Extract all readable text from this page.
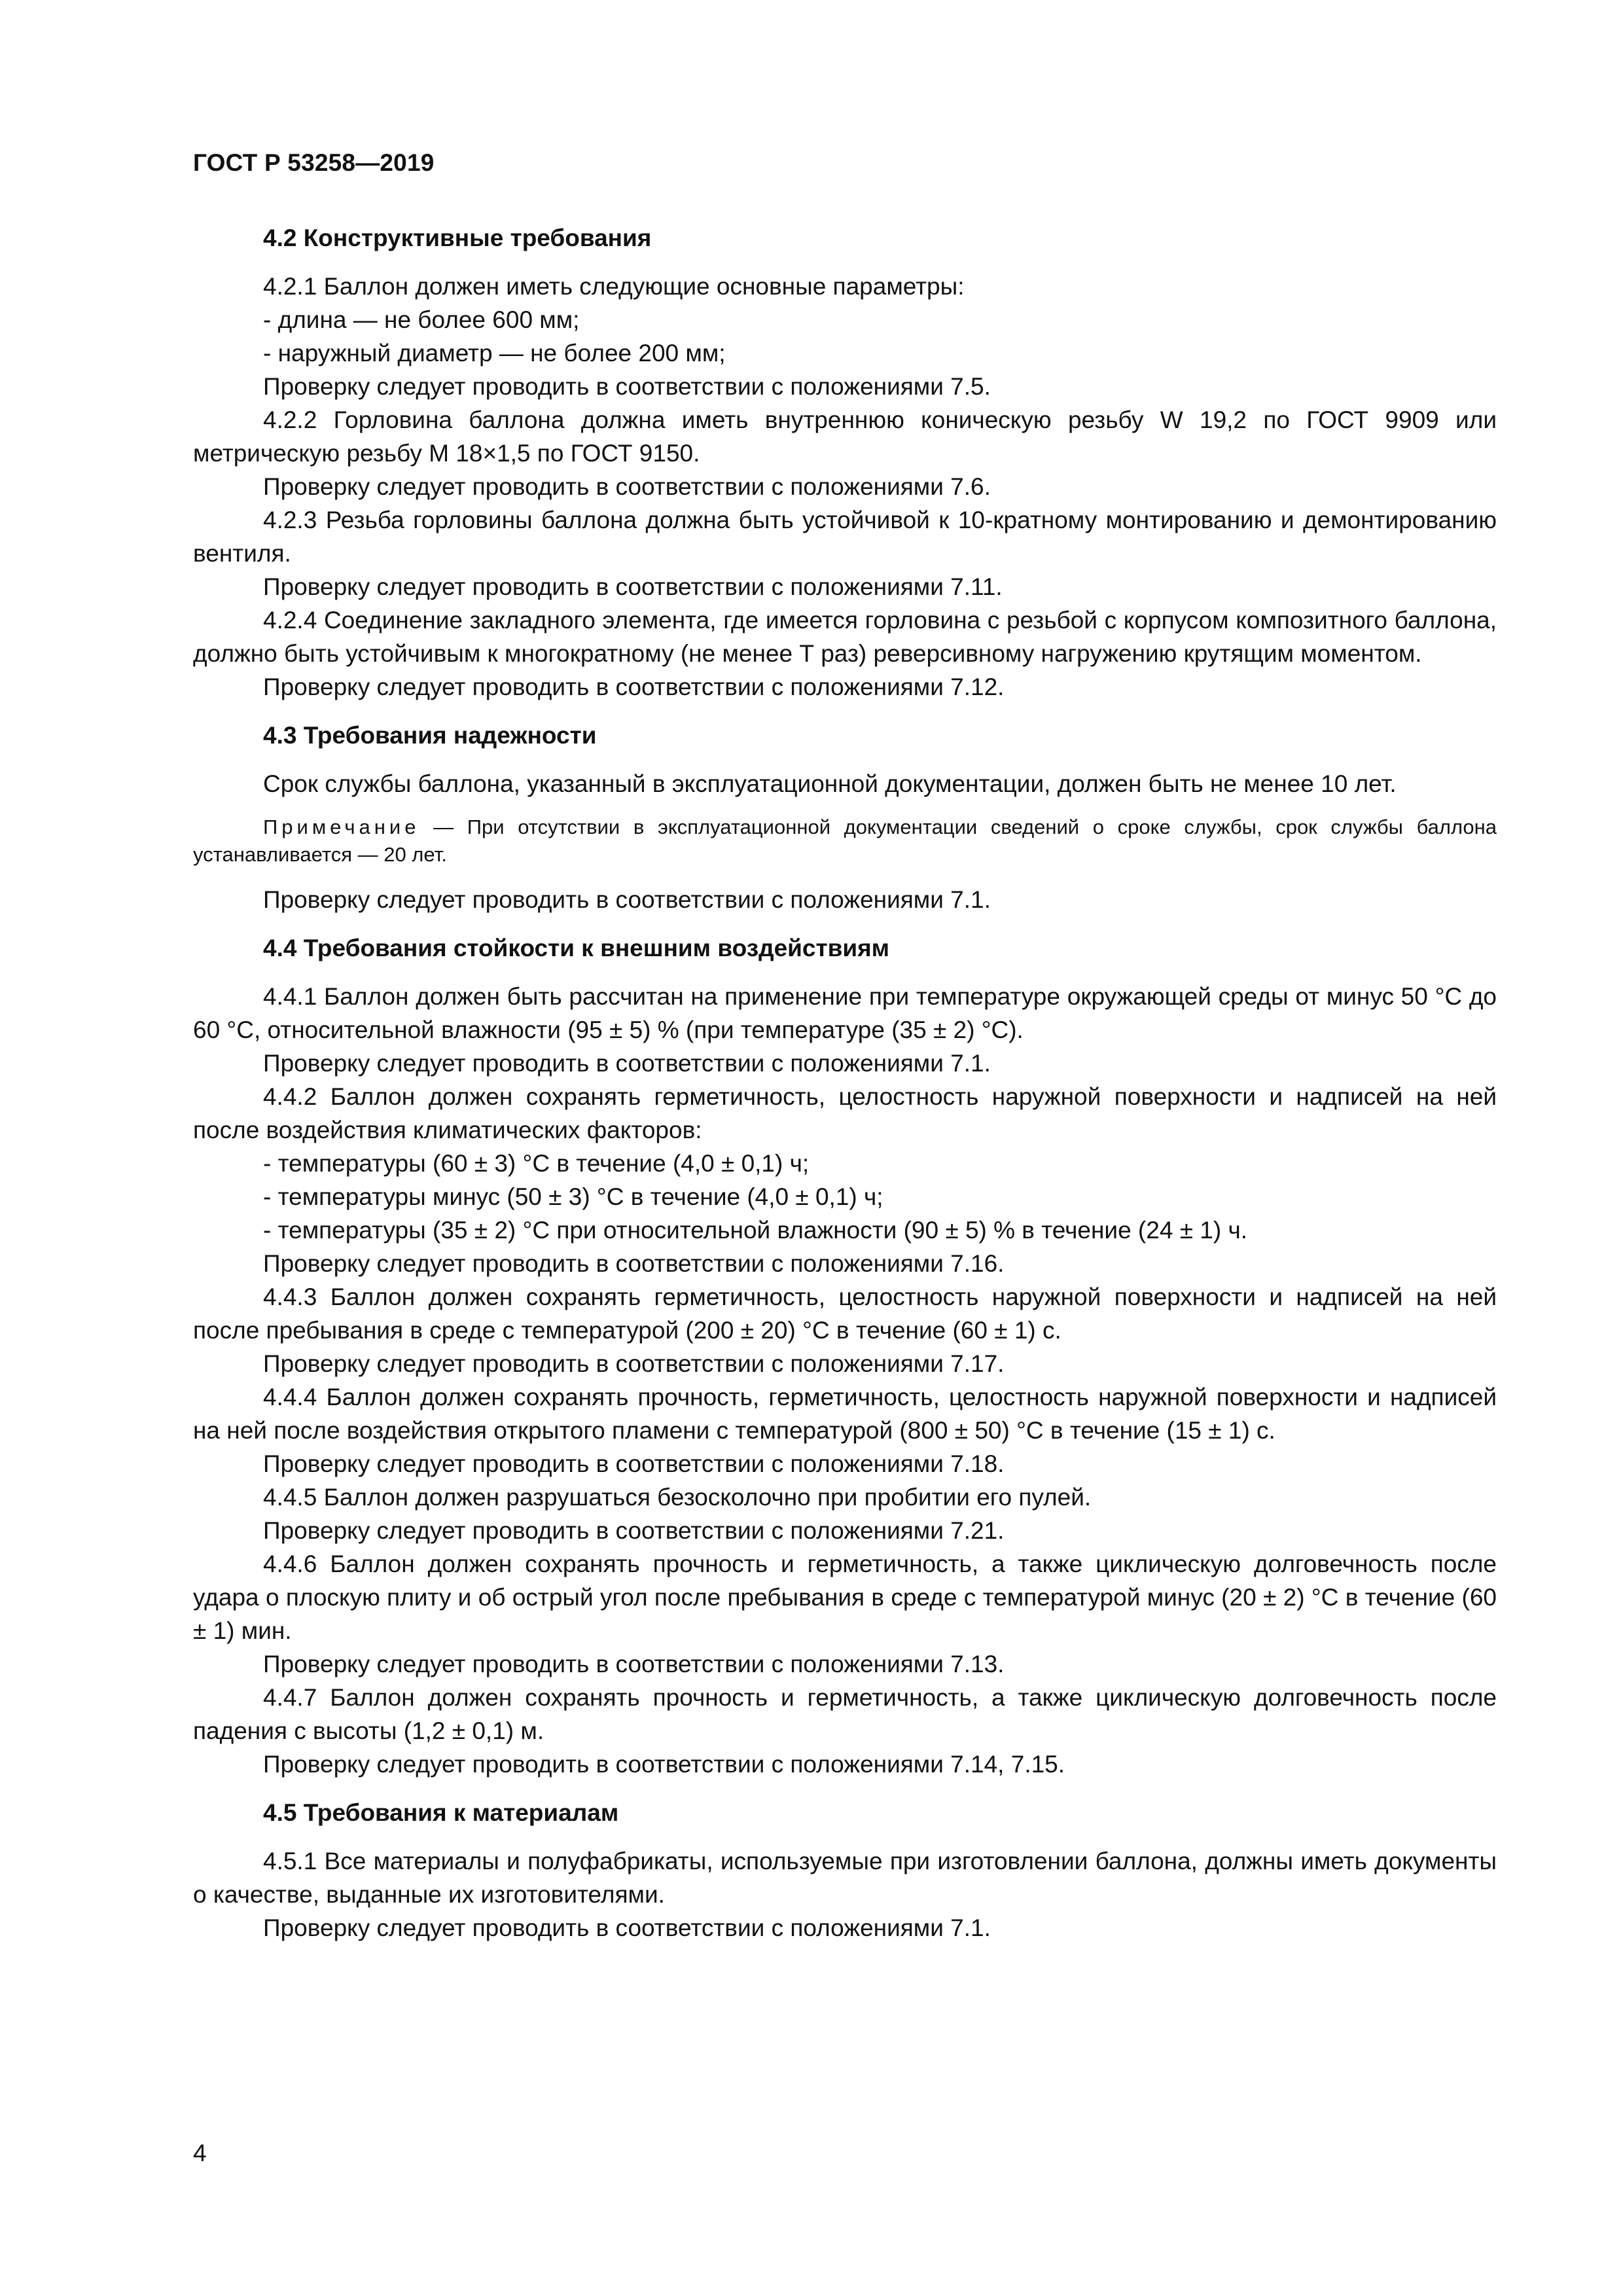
ГОСТ Р 53258—2019

4.2 Конструктивные требования

4.2.1 Баллон должен иметь следующие основные параметры:

- длина — не более 600 мм;

- наружный диаметр — не более 200 мм;

Проверку следует проводить в соответствии с положениями 7.5.

4.2.2 Горловина баллона должна иметь внутреннюю коническую резьбу W 19,2 по ГОСТ 9909 или метрическую резьбу М 18×1,5 по ГОСТ 9150.

Проверку следует проводить в соответствии с положениями 7.6.

4.2.3 Резьба горловины баллона должна быть устойчивой к 10-кратному монтированию и демонтированию вентиля.

Проверку следует проводить в соответствии с положениями 7.11.

4.2.4 Соединение закладного элемента, где имеется горловина с резьбой с корпусом композитного баллона, должно быть устойчивым к многократному (не менее Т раз) реверсивному нагружению крутящим моментом.

Проверку следует проводить в соответствии с положениями 7.12.

4.3 Требования надежности

Срок службы баллона, указанный в эксплуатационной документации, должен быть не менее 10 лет.

Примечание — При отсутствии в эксплуатационной документации сведений о сроке службы, срок службы баллона устанавливается — 20 лет.

Проверку следует проводить в соответствии с положениями 7.1.

4.4 Требования стойкости к внешним воздействиям

4.4.1 Баллон должен быть рассчитан на применение при температуре окружающей среды от минус 50 °С до 60 °С, относительной влажности (95 ± 5) % (при температуре (35 ± 2) °С).

Проверку следует проводить в соответствии с положениями 7.1.

4.4.2 Баллон должен сохранять герметичность, целостность наружной поверхности и надписей на ней после воздействия климатических факторов:

- температуры (60 ± 3) °С в течение (4,0 ± 0,1) ч;

- температуры минус (50 ± 3) °С в течение (4,0 ± 0,1) ч;

- температуры (35 ± 2) °С при относительной влажности (90 ± 5) % в течение (24 ± 1) ч.

Проверку следует проводить в соответствии с положениями 7.16.

4.4.3 Баллон должен сохранять герметичность, целостность наружной поверхности и надписей на ней после пребывания в среде с температурой (200 ± 20) °С в течение (60 ± 1) с.

Проверку следует проводить в соответствии с положениями 7.17.

4.4.4 Баллон должен сохранять прочность, герметичность, целостность наружной поверхности и надписей на ней после воздействия открытого пламени с температурой (800 ± 50) °С в течение (15 ± 1) с.

Проверку следует проводить в соответствии с положениями 7.18.

4.4.5 Баллон должен разрушаться безосколочно при пробитии его пулей.

Проверку следует проводить в соответствии с положениями 7.21.

4.4.6 Баллон должен сохранять прочность и герметичность, а также циклическую долговечность после удара о плоскую плиту и об острый угол после пребывания в среде с температурой минус (20 ± 2) °С в течение (60 ± 1) мин.

Проверку следует проводить в соответствии с положениями 7.13.

4.4.7 Баллон должен сохранять прочность и герметичность, а также циклическую долговечность после падения с высоты (1,2 ± 0,1) м.

Проверку следует проводить в соответствии с положениями 7.14, 7.15.

4.5 Требования к материалам

4.5.1 Все материалы и полуфабрикаты, используемые при изготовлении баллона, должны иметь документы о качестве, выданные их изготовителями.

Проверку следует проводить в соответствии с положениями 7.1.

4
